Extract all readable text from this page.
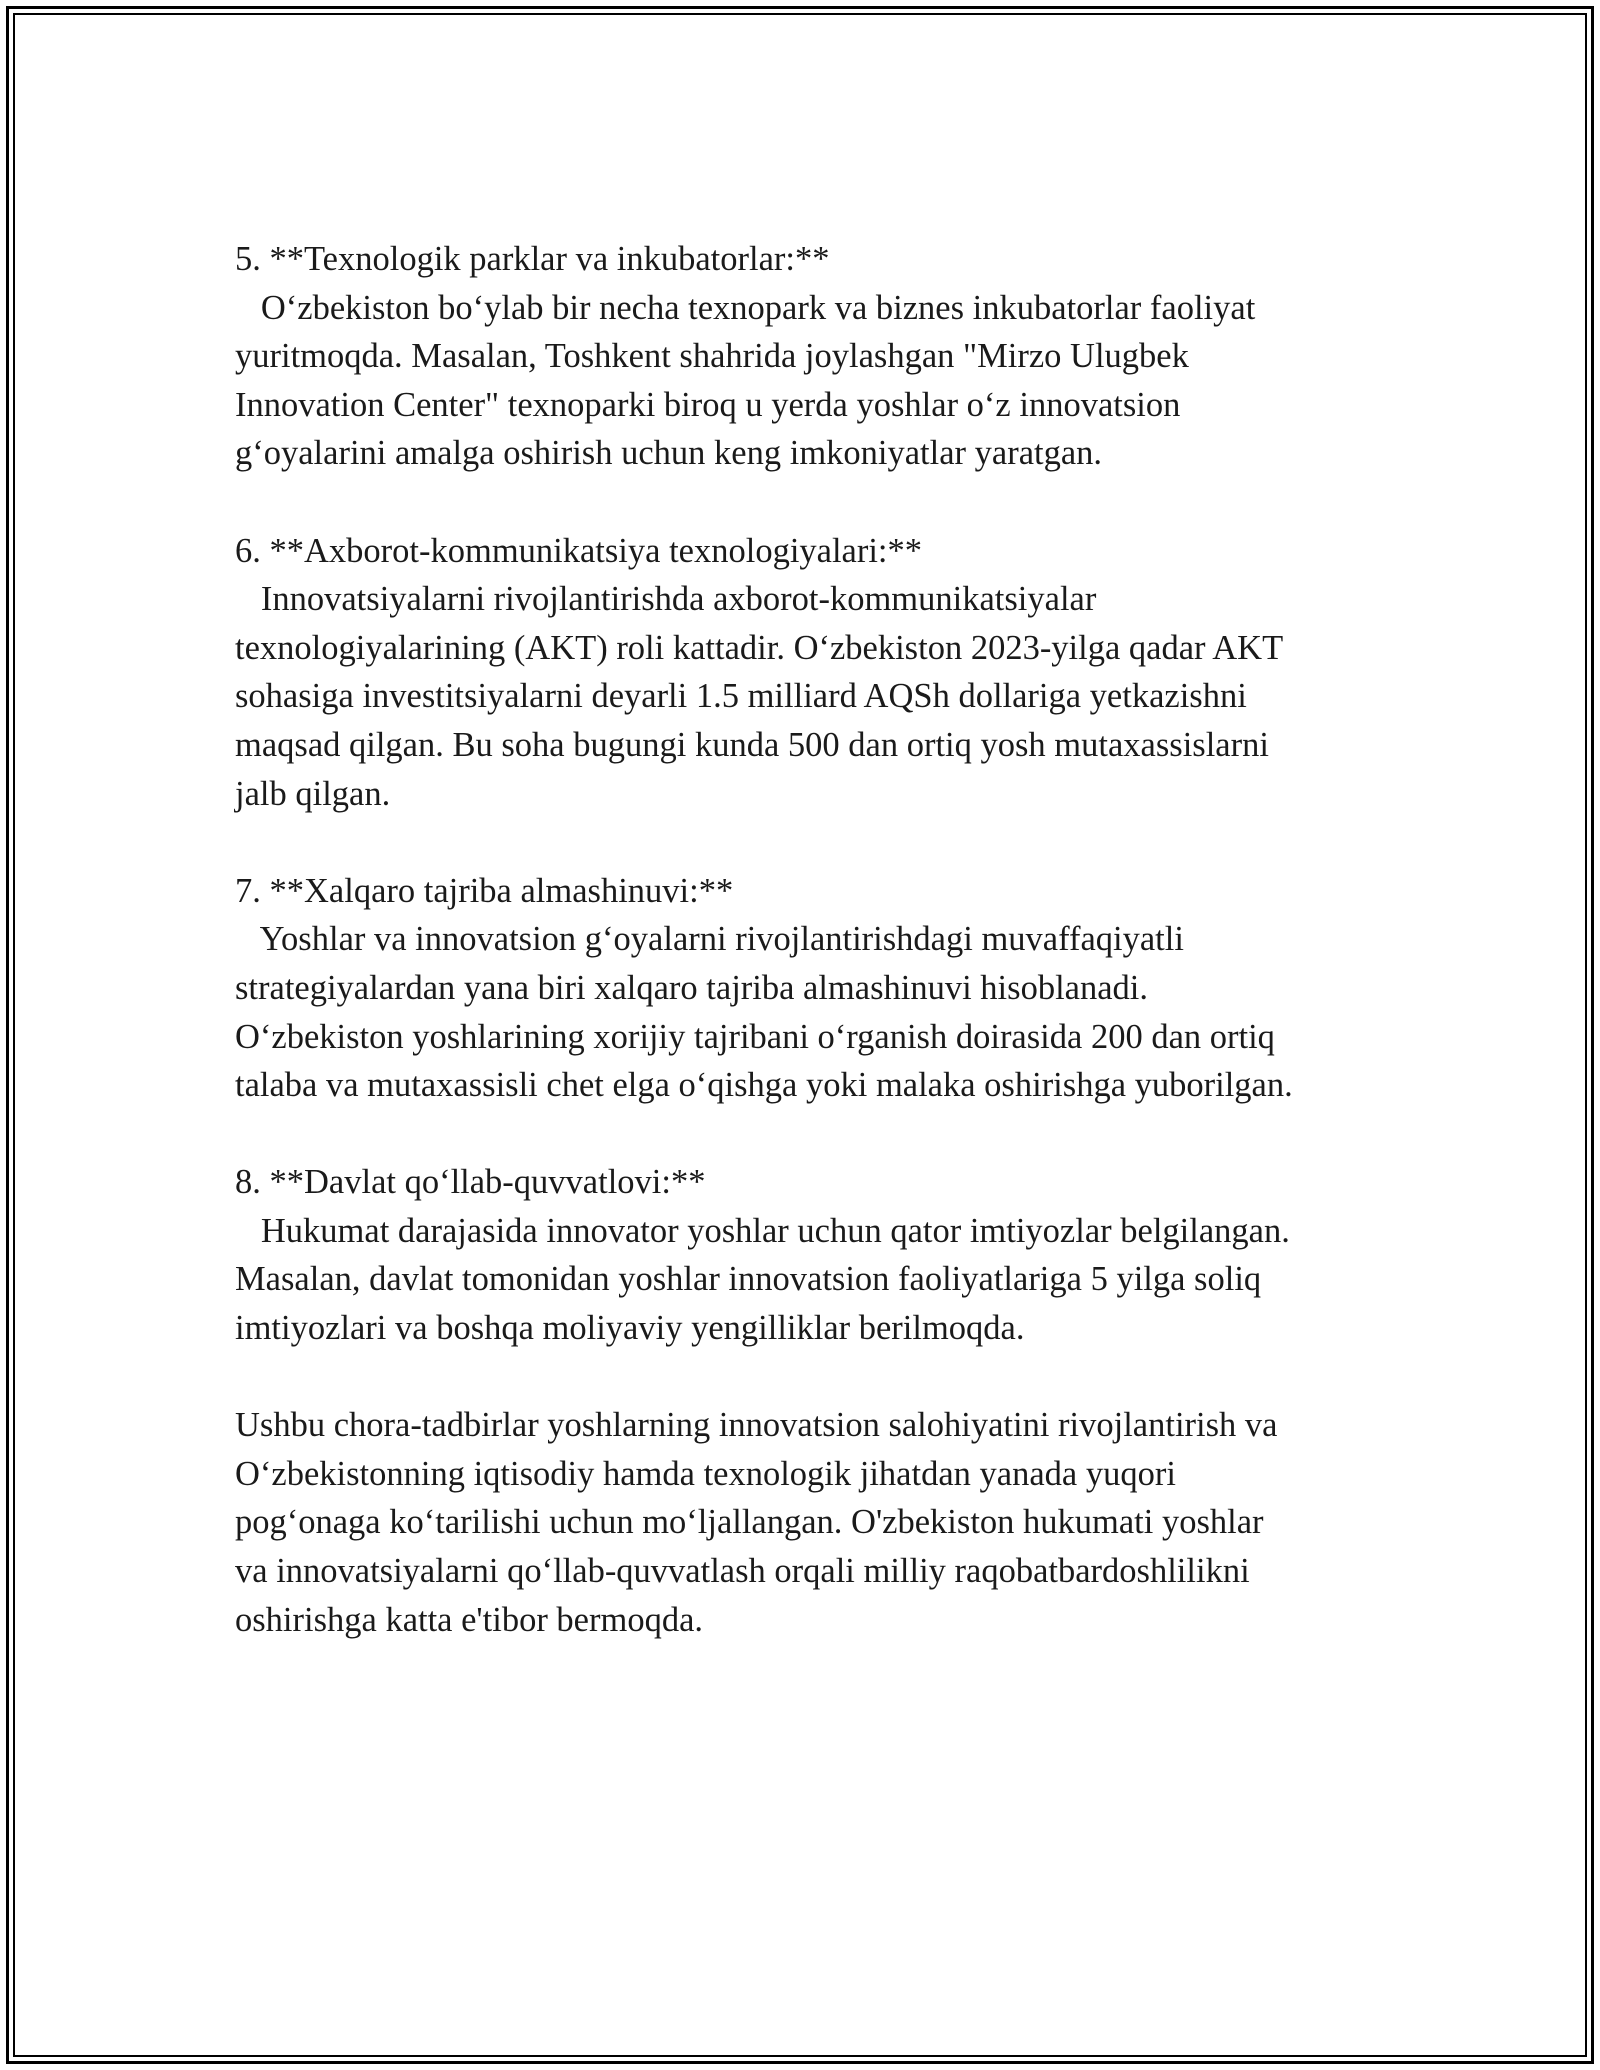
5. **Texnologik parklar va inkubatorlar:**
Oʻzbekiston boʻylab bir necha texnopark va biznes inkubatorlar faoliyat
yuritmoqda. Masalan, Toshkent shahrida joylashgan "Mirzo Ulugbek
Innovation Center" texnoparki biroq u yerda yoshlar oʻz innovatsion
gʻoyalarini amalga oshirish uchun keng imkoniyatlar yaratgan.
6. **Axborot-kommunikatsiya texnologiyalari:**
Innovatsiyalarni rivojlantirishda axborot-kommunikatsiyalar
texnologiyalarining (AKT) roli kattadir. Oʻzbekiston 2023-yilga qadar AKT
sohasiga investitsiyalarni deyarli 1.5 milliard AQSh dollariga yetkazishni
maqsad qilgan. Bu soha bugungi kunda 500 dan ortiq yosh mutaxassislarni
jalb qilgan.
7. **Xalqaro tajriba almashinuvi:**
Yoshlar va innovatsion gʻoyalarni rivojlantirishdagi muvaffaqiyatli
strategiyalardan yana biri xalqaro tajriba almashinuvi hisoblanadi.
Oʻzbekiston yoshlarining xorijiy tajribani oʻrganish doirasida 200 dan ortiq
talaba va mutaxassisli chet elga oʻqishga yoki malaka oshirishga yuborilgan.
8. **Davlat qoʻllab-quvvatlovi:**
Hukumat darajasida innovator yoshlar uchun qator imtiyozlar belgilangan.
Masalan, davlat tomonidan yoshlar innovatsion faoliyatlariga 5 yilga soliq
imtiyozlari va boshqa moliyaviy yengilliklar berilmoqda.
Ushbu chora-tadbirlar yoshlarning innovatsion salohiyatini rivojlantirish va
Oʻzbekistonning iqtisodiy hamda texnologik jihatdan yanada yuqori
pogʻonaga koʻtarilishi uchun moʻljallangan. O'zbekiston hukumati yoshlar
va innovatsiyalarni qoʻllab-quvvatlash orqali milliy raqobatbardoshlilikni
oshirishga katta e'tibor bermoqda.
